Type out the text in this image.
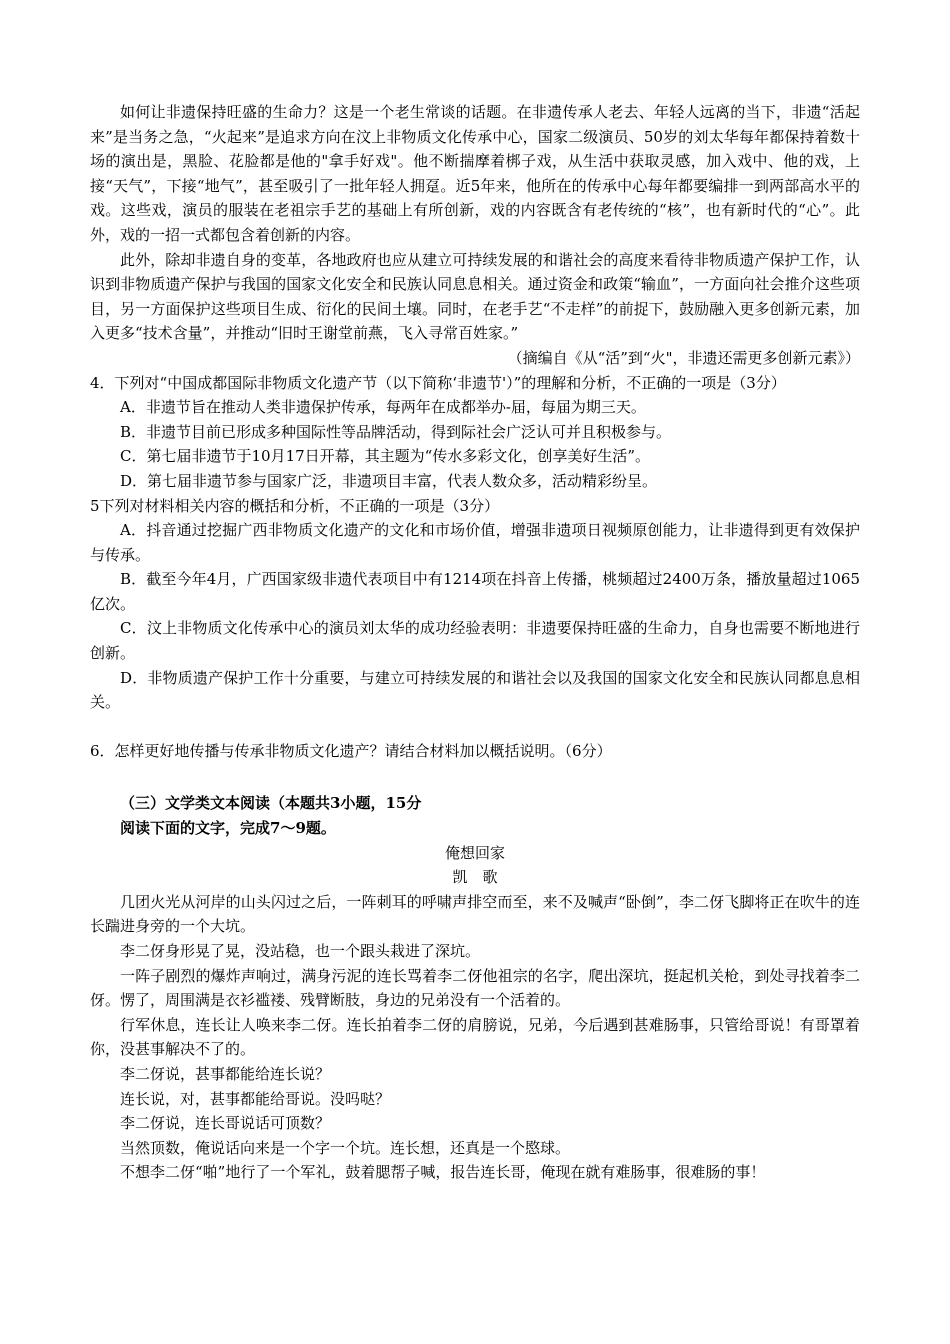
如何让非遗保持旺盛的生命力？这是一个老生常谈的话题。在非遗传承人老去、年轻人远离的当下，非遗“活起来”是当务之急，“火起来”是追求方向在汶上非物质文化传承中心，国家二级演员、50岁的刘太华每年都保持着数十场的演出是，黑脸、花脸都是他的"拿手好戏"。他不断揣摩着梆子戏，从生活中获取灵感，加入戏中、他的戏，上接“天气”，下接“地气”，甚至吸引了一批年轻人拥趸。近5年来，他所在的传承中心每年都要编排一到两部高水平的戏。这些戏，演员的服装在老祖宗手艺的基础上有所创新，戏的内容既含有老传统的“核”，也有新时代的“心”。此外，戏的一招一式都包含着创新的内容。

此外，除却非遗自身的变革，各地政府也应从建立可持续发展的和谐社会的高度来看待非物质遗产保护工作，认识到非物质遗产保护与我国的国家文化安全和民族认同息息相关。通过资金和政策“输血”，一方面向社会推介这些项目，另一方面保护这些项目生成、衍化的民间土壤。同时，在老手艺“不走样”的前捉下，鼓励融入更多创新元素，加入更多“技术含量”，并推动“旧时王谢堂前燕，飞入寻常百姓家。”

（摘编自《从“活”到“火"，非遗还需更多创新元素》）

4．下列对“中国成都国际非物质文化遗产节（以下简称‘非遗节'）”的理解和分析，不正确的一项是（3分）

A．非遗节旨在推动人类非遗保护传承，每两年在成都举办-届，每届为期三天。

B．非遗节目前已形成多种国际性等品牌活动，得到际社会广泛认可并且积极参与。

C．第七届非遗节于10月17日开幕，其主题为“传水多彩文化，创享美好生活”。

D．第七届非遗节参与国家广泛，非遗项目丰富，代表人数众多，活动精彩纷呈。

5下列对材料相关内容的概括和分析，不正确的一项是（3分）

A．抖音通过挖掘广西非物质文化遗产的文化和市场价值，增强非遗项日视频原创能力，让非遗得到更有效保护与传承。

B．截至今年4月，广西国家级非遗代表项目中有1214项在抖音上传播，桃频超过2400万条，播放量超过1065亿次。

C．汶上非物质文化传承中心的演员刘太华的成功经验表明：非遗要保持旺盛的生命力，自身也需要不断地进行创新。

D．非物质遗产保护工作十分重要，与建立可持续发展的和谐社会以及我国的国家文化安全和民族认同都息息相关。

6．怎样更好地传播与传承非物质文化遗产？请结合材料加以概括说明。（6分）

（三）文学类文本阅读（本题共3小题，15分

阅读下面的文字，完成7～9题。

俺想回家

凯　歌

几团火光从河岸的山头闪过之后，一阵刺耳的呼啸声排空而至，来不及喊声“卧倒”，李二伢飞脚将正在吹牛的连长踹进身旁的一个大坑。

李二伢身形晃了晃，没站稳，也一个跟头栽进了深坑。

一阵子剧烈的爆炸声响过，满身污泥的连长骂着李二伢他祖宗的名字，爬出深坑，挺起机关枪，到处寻找着李二伢。愣了，周围满是衣衫褴褛、残臂断肢，身边的兄弟没有一个活着的。

行军休息，连长让人唤来李二伢。连长拍着李二伢的肩膀说，兄弟，今后遇到甚难肠事，只管给哥说！有哥罩着你，没甚事解决不了的。

李二伢说，甚事都能给连长说？

连长说，对，甚事都能给哥说。没吗哒？

李二伢说，连长哥说话可顶数？

当然顶数，俺说话向来是一个字一个坑。连长想，还真是一个愍球。

不想李二伢“啪”地行了一个军礼，鼓着腮帮子喊，报告连长哥，俺现在就有难肠事，很难肠的事！
